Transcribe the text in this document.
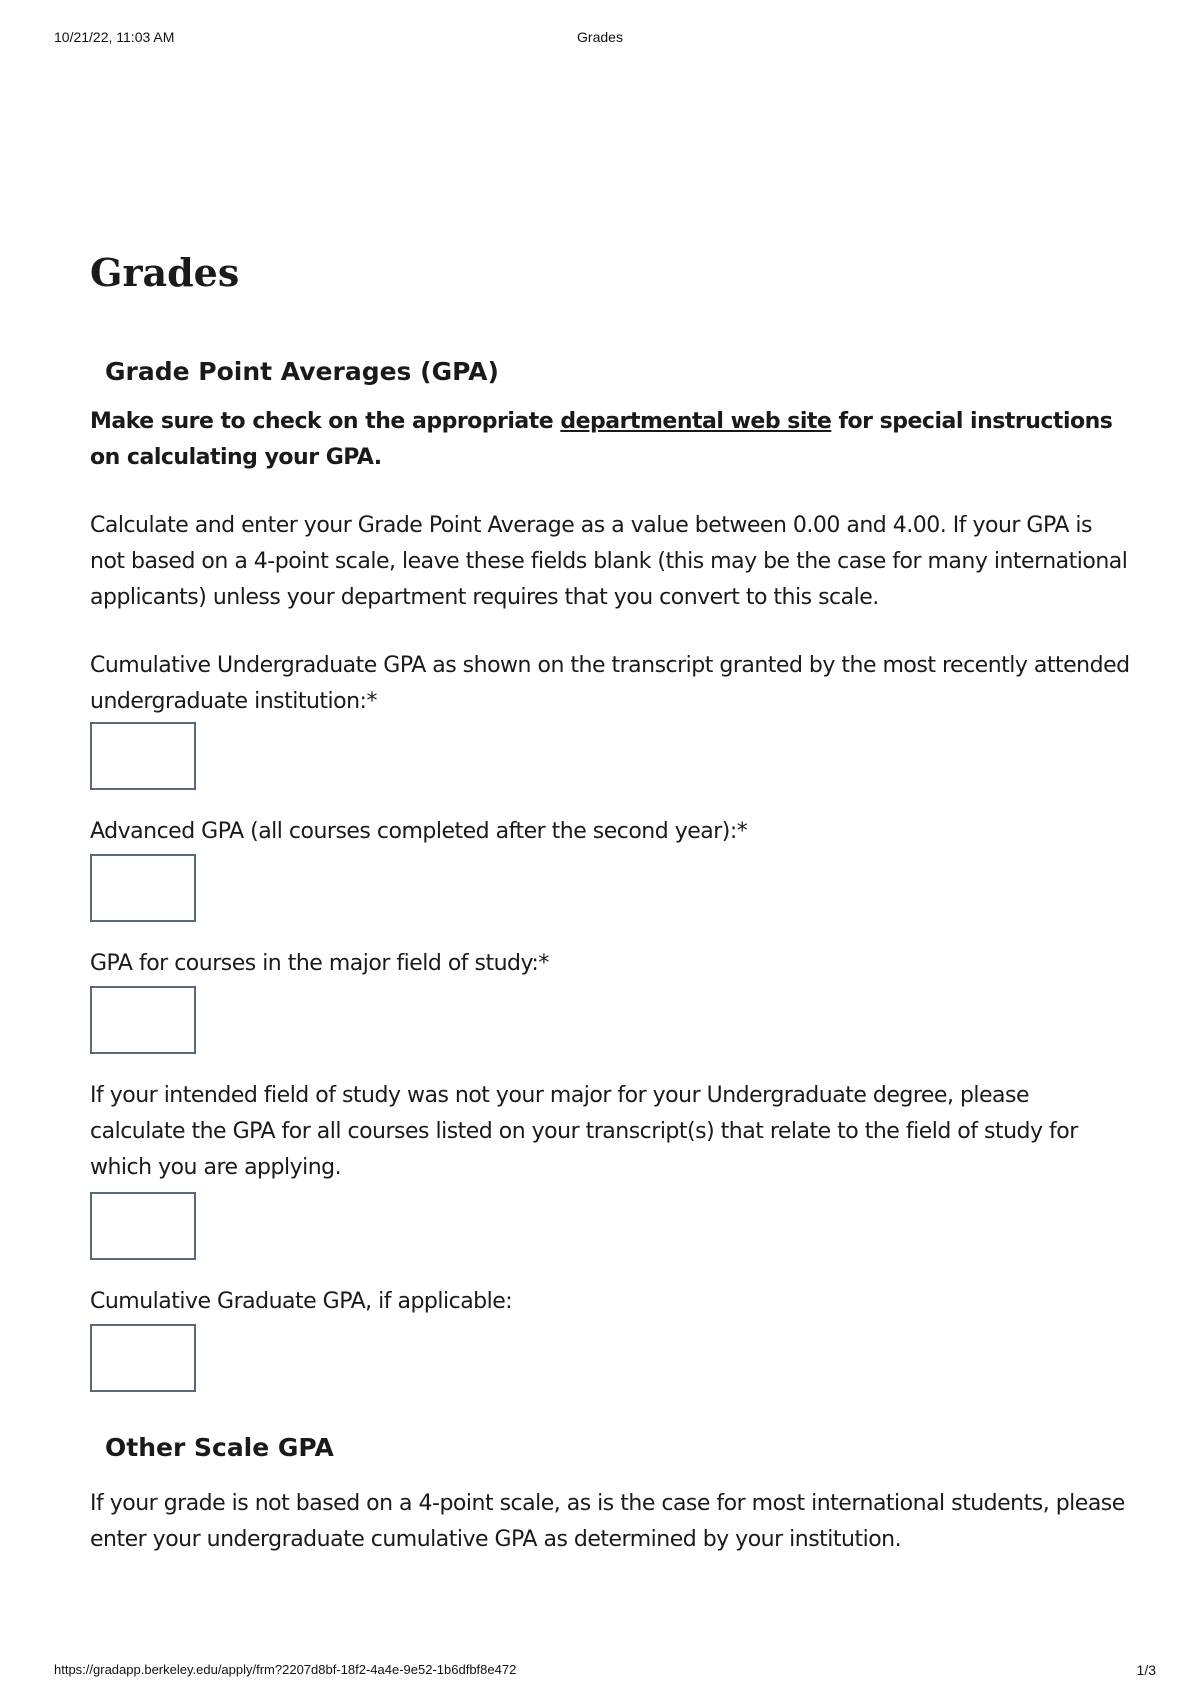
10/21/22, 11:03 AM	Grades
Grades
Grade Point Averages (GPA)

Make sure to check on the appropriate departmental web site for special instructions on calculating your GPA.

Calculate and enter your Grade Point Average as a value between 0.00 and 4.00. If your GPA is not based on a 4-point scale, leave these fields blank (this may be the case for many international applicants) unless your department requires that you convert to this scale.

Cumulative Undergraduate GPA as shown on the transcript granted by the most recently attended undergraduate institution:*

Advanced GPA (all courses completed after the second year):*

GPA for courses in the major field of study:*

If your intended field of study was not your major for your Undergraduate degree, please calculate the GPA for all courses listed on your transcript(s) that relate to the field of study for which you are applying.

Cumulative Graduate GPA, if applicable:

Other Scale GPA

If your grade is not based on a 4-point scale, as is the case for most international students, please enter your undergraduate cumulative GPA as determined by your institution.

https://gradapp.berkeley.edu/apply/frm?2207d8bf-18f2-4a4e-9e52-1b6dfbf8e472	1/3
